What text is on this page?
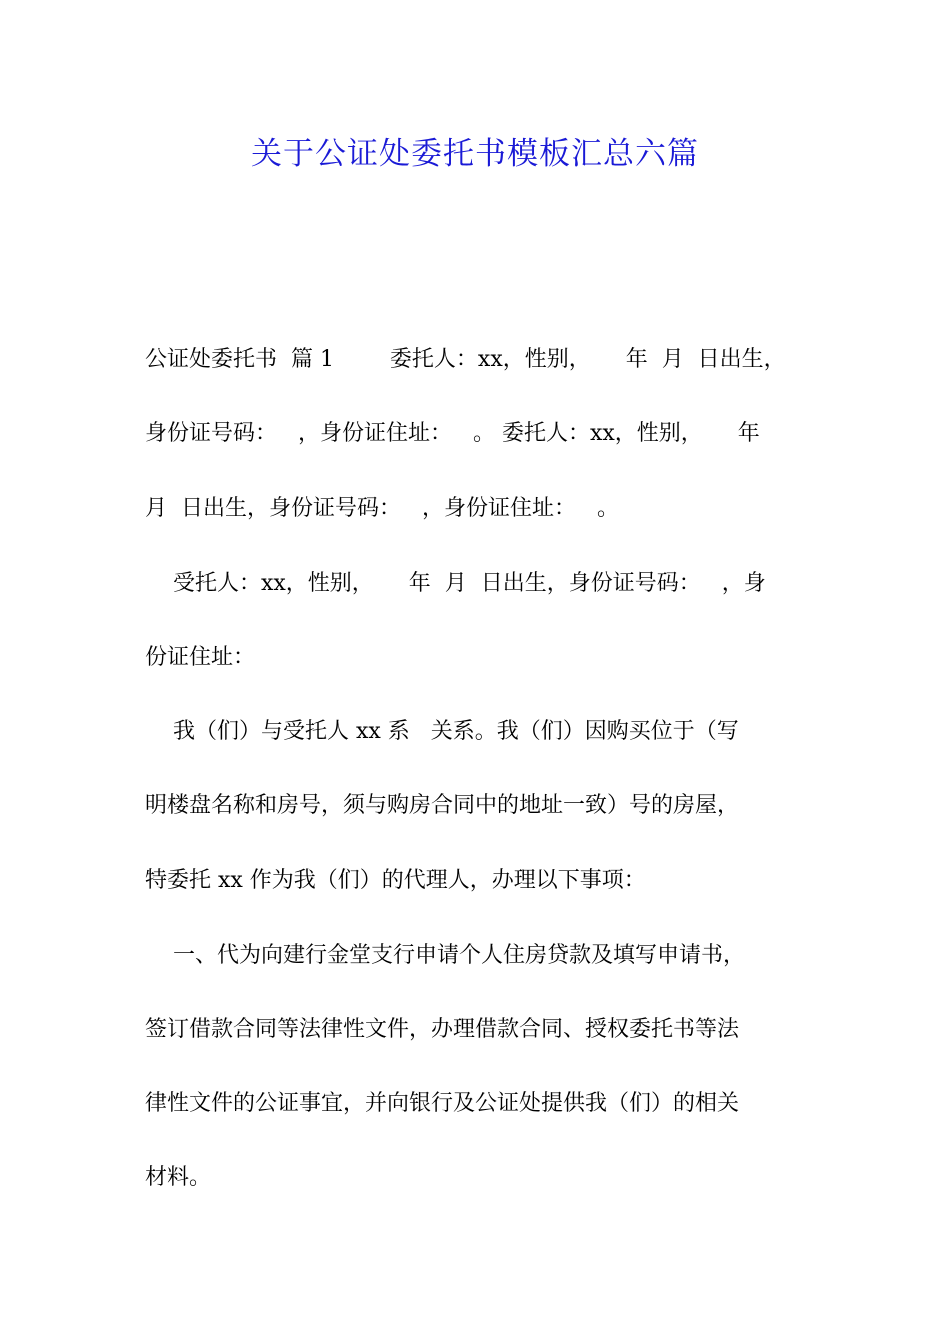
关于公证处委托书模板汇总六篇
公证处委托书  篇 1        委托人：xx，性别，     年  月  日出生，
身份证号码：   ，身份证住址：   。 委托人：xx，性别，     年
月  日出生，身份证号码：   ，身份证住址：   。
受托人：xx，性别，     年  月  日出生，身份证号码：   ，身
份证住址：
我（们）与受托人 xx 系   关系。我（们）因购买位于（写
明楼盘名称和房号，须与购房合同中的地址一致）号的房屋，
特委托 xx 作为我（们）的代理人，办理以下事项：
一、代为向建行金堂支行申请个人住房贷款及填写申请书，
签订借款合同等法律性文件，办理借款合同、授权委托书等法
律性文件的公证事宜，并向银行及公证处提供我（们）的相关
材料。
